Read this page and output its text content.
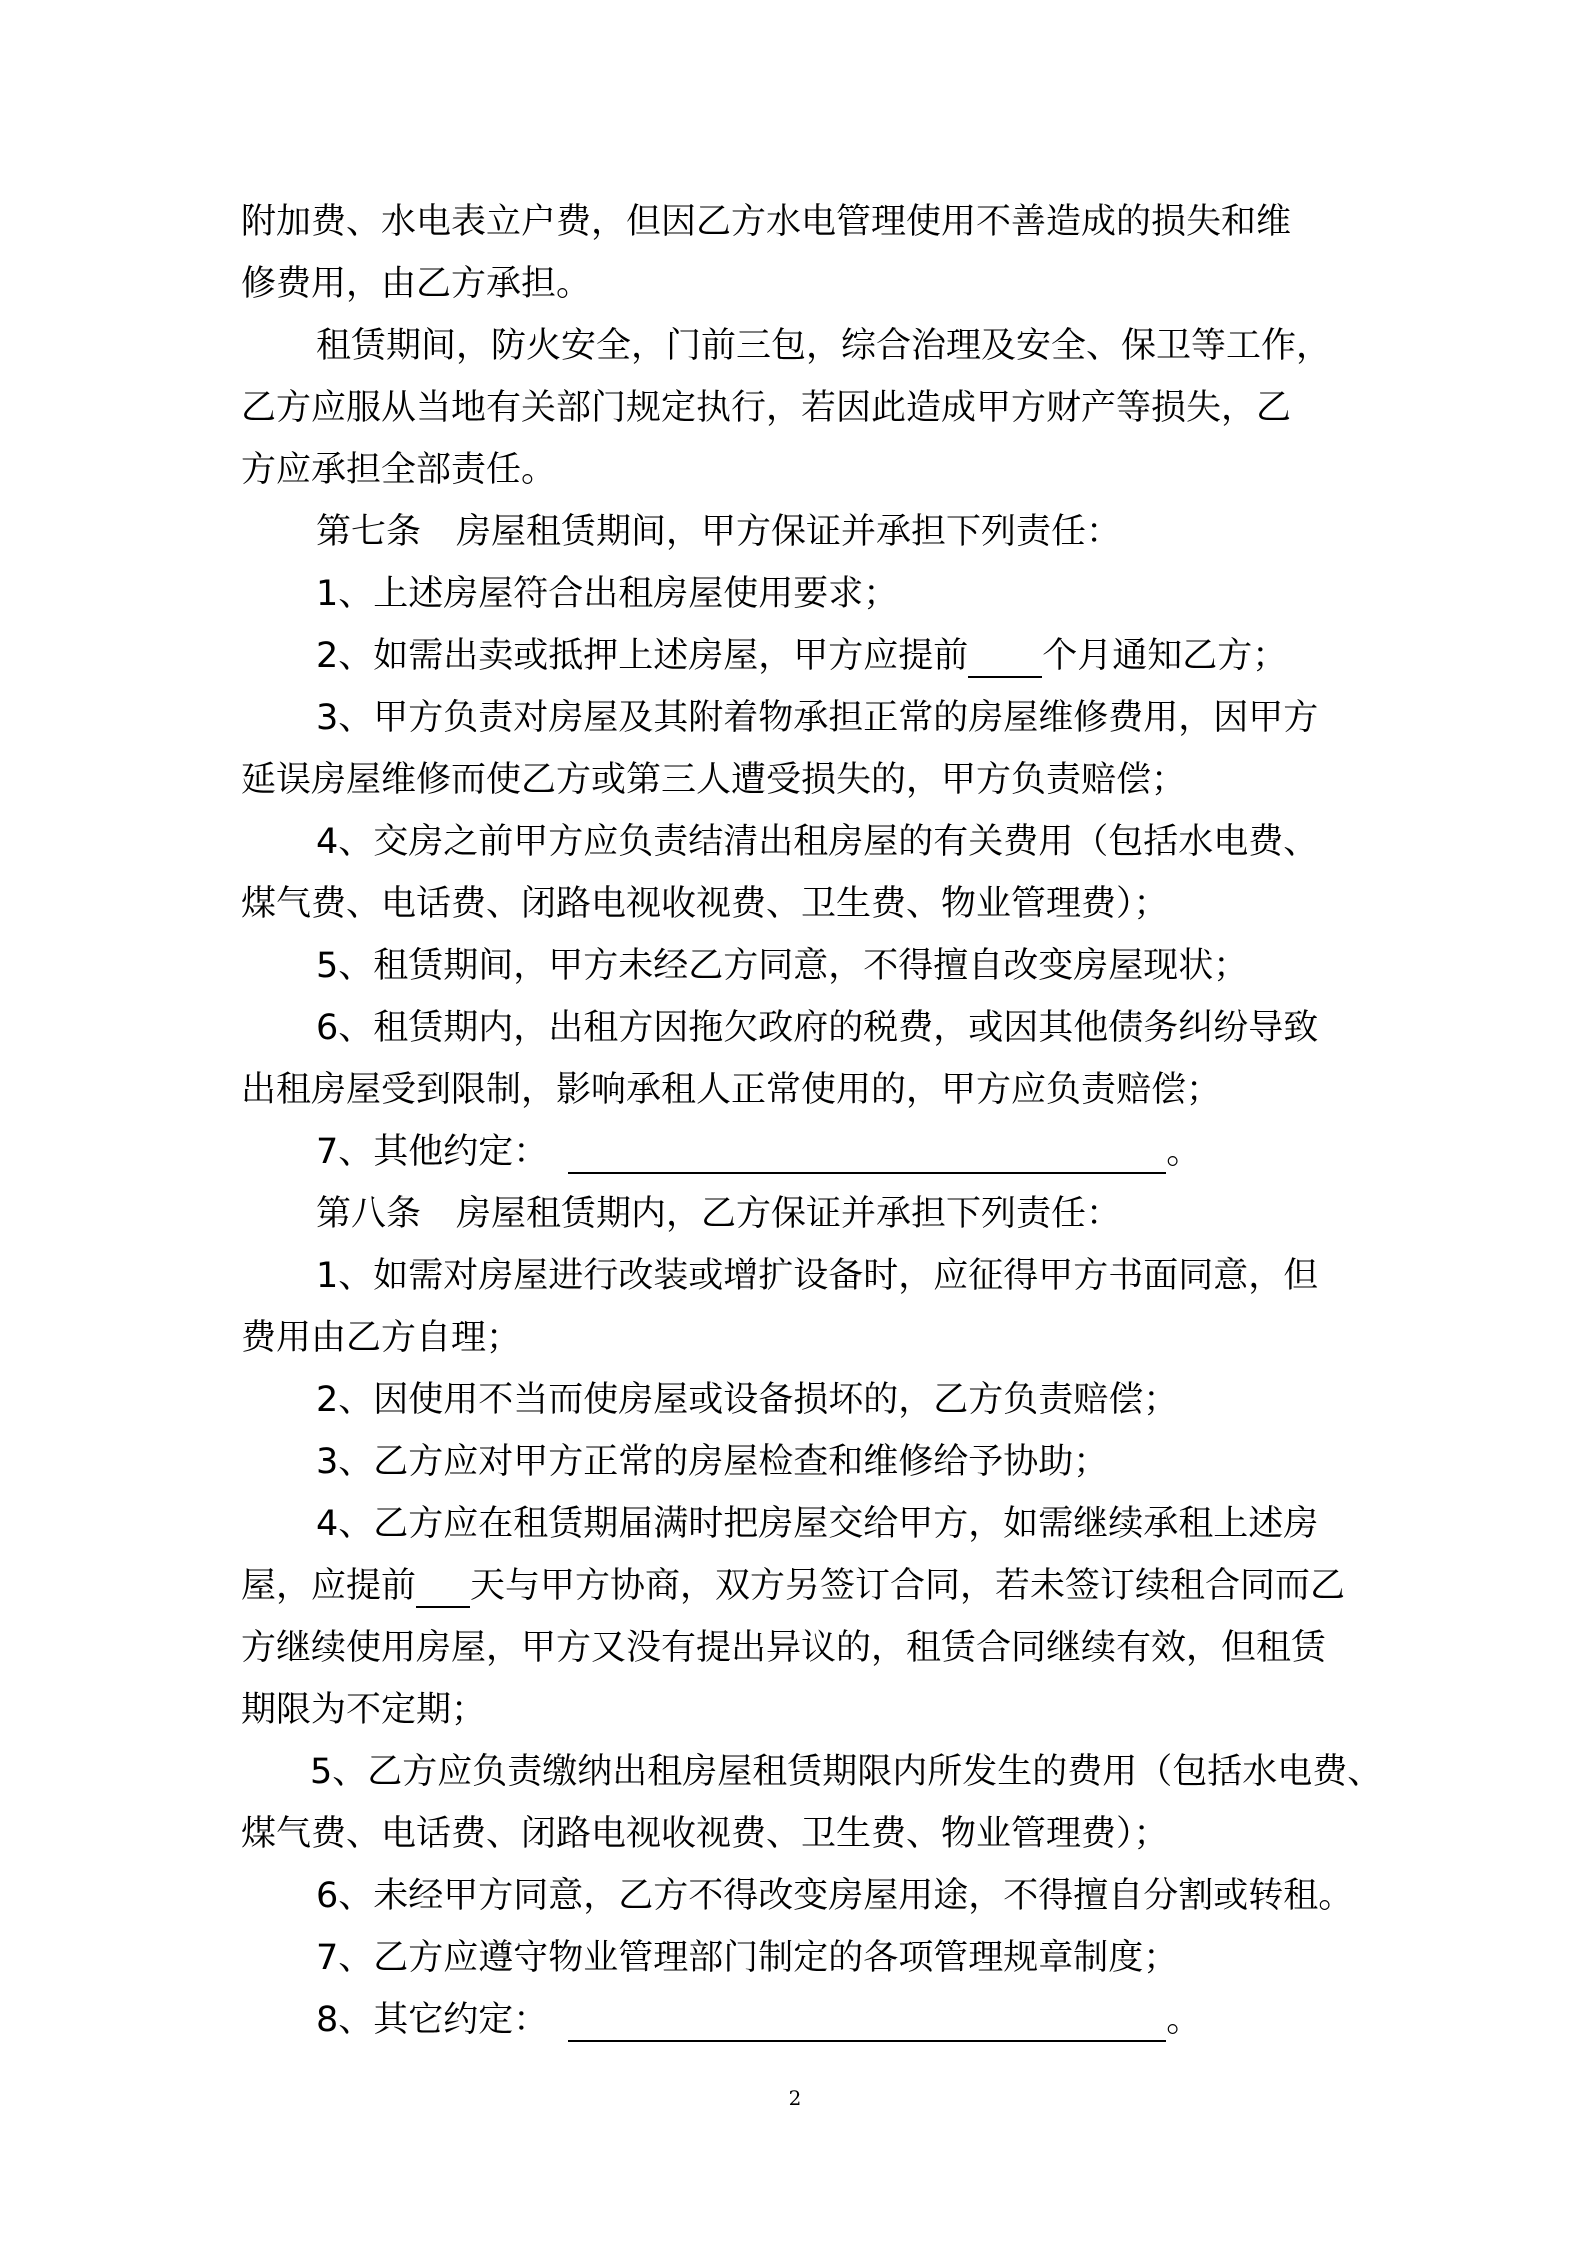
附加费、水电表立户费，但因乙方水电管理使用不善造成的损失和维
修费用，由乙方承担。
租赁期间，防火安全，门前三包，综合治理及安全、保卫等工作，
乙方应服从当地有关部门规定执行，若因此造成甲方财产等损失，乙
方应承担全部责任。
第七条　房屋租赁期间，甲方保证并承担下列责任：
1、上述房屋符合出租房屋使用要求；
2、如需出卖或抵押上述房屋，甲方应提前 个月通知乙方；
3、甲方负责对房屋及其附着物承担正常的房屋维修费用，因甲方
延误房屋维修而使乙方或第三人遭受损失的，甲方负责赔偿；
4、交房之前甲方应负责结清出租房屋的有关费用（包括水电费、
煤气费、电话费、闭路电视收视费、卫生费、物业管理费）；
5、租赁期间，甲方未经乙方同意，不得擅自改变房屋现状；
6、租赁期内，出租方因拖欠政府的税费，或因其他债务纠纷导致
出租房屋受到限制，影响承租人正常使用的，甲方应负责赔偿；
7、其他约定：	。
第八条　房屋租赁期内，乙方保证并承担下列责任：
1、如需对房屋进行改装或增扩设备时，应征得甲方书面同意，但
费用由乙方自理；
2、因使用不当而使房屋或设备损坏的，乙方负责赔偿；
3、乙方应对甲方正常的房屋检查和维修给予协助；
4、乙方应在租赁期届满时把房屋交给甲方，如需继续承租上述房
屋，应提前 天与甲方协商，双方另签订合同，若未签订续租合同而乙
方继续使用房屋，甲方又没有提出异议的，租赁合同继续有效，但租赁
期限为不定期；
5、乙方应负责缴纳出租房屋租赁期限内所发生的费用（包括水电费、
煤气费、电话费、闭路电视收视费、卫生费、物业管理费）；
6、未经甲方同意，乙方不得改变房屋用途，不得擅自分割或转租。
7、乙方应遵守物业管理部门制定的各项管理规章制度；
8、其它约定：	。
2
